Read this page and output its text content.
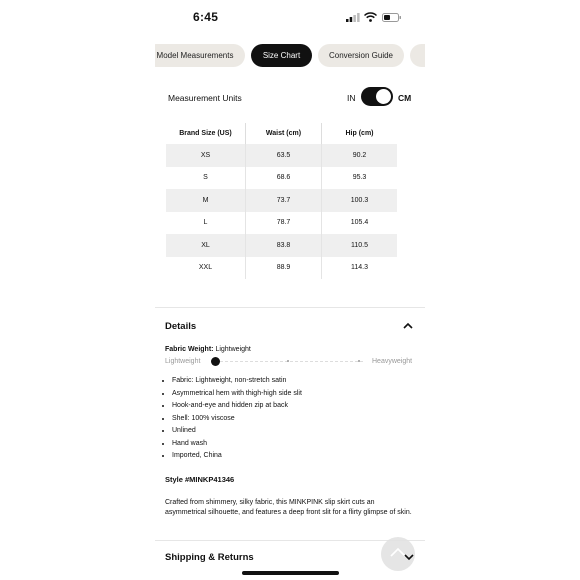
6:45
Model Measurements	Size Chart	Conversion Guide
Measurement Units	IN	CM
Brand Size (US)	Waist (cm)	Hip (cm)
XS	63.5	90.2
S	68.6	95.3
M	73.7	100.3
L	78.7	105.4
XL	83.8	110.5
XXL	88.9	114.3
Details
Fabric Weight: Lightweight
Lightweight	Heavyweight
• Fabric: Lightweight, non-stretch satin
• Asymmetrical hem with thigh-high side slit
• Hook-and-eye and hidden zip at back
• Shell: 100% viscose
• Unlined
• Hand wash
• Imported, China
Style #MINKP41346
Crafted from shimmery, silky fabric, this MINKPINK slip skirt cuts an asymmetrical silhouette, and features a deep front slit for a flirty glimpse of skin.
Shipping & Returns
